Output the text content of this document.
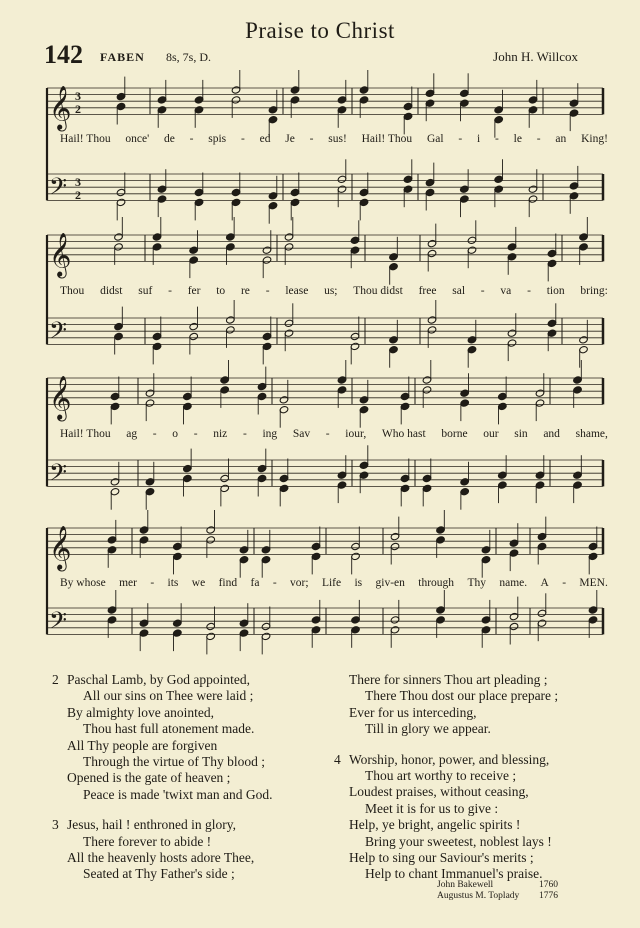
Praise to Christ
142 FABEN 8s, 7s, D.	John H. Willcox
𝄞 3
2
𝄢 3
2
𝄞
𝄢
𝄞
𝄢
𝄞
𝄢
Hail! Thou once' de - spis - ed Je - sus! Hail! Thou Gal - i - le - an King!
Thou didst suf - fer to re - lease us; Thou didst free sal - va - tion bring:
Hail! Thou ag - o - niz - ing Sav - iour, Who hast borne our sin and shame,
By whose mer - its we find fa - vor; Life is giv-en through Thy name. A - MEN.
2 Paschal Lamb, by God appointed,
All our sins on Thee were laid ;
By almighty love anointed,
Thou hast full atonement made.
All Thy people are forgiven
Through the virtue of Thy blood ;
Opened is the gate of heaven ;
Peace is made 'twixt man and God.
3 Jesus, hail ! enthroned in glory,
There forever to abide !
All the heavenly hosts adore Thee,
Seated at Thy Father's side ;
There for sinners Thou art pleading ;
There Thou dost our place prepare ;
Ever for us interceding,
Till in glory we appear.
4 Worship, honor, power, and blessing,
Thou art worthy to receive ;
Loudest praises, without ceasing,
Meet it is for us to give :
Help, ye bright, angelic spirits !
Bring your sweetest, noblest lays !
Help to sing our Saviour's merits ;
Help to chant Immanuel's praise.
John Bakewell	1760
Augustus M. Toplady 1776
